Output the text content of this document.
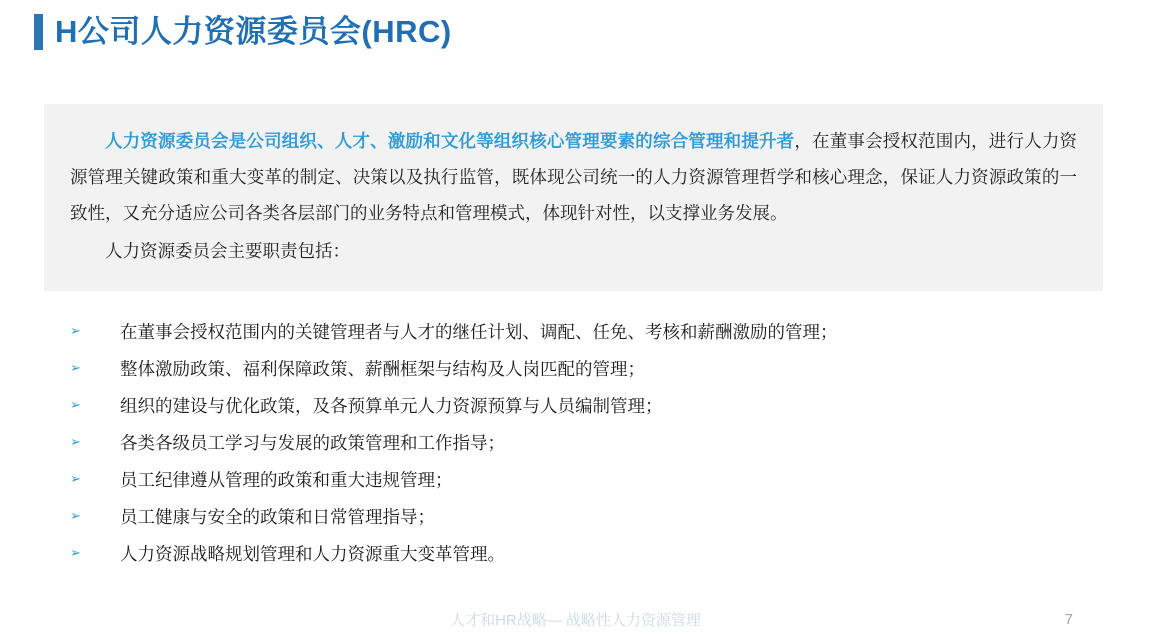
H公司人力资源委员会(HRC)

人力资源委员会是公司组织、人才、激励和文化等组织核心管理要素的综合管理和提升者，在董事会授权范围内，进行人力资源管理关键政策和重大变革的制定、决策以及执行监管，既体现公司统一的人力资源管理哲学和核心理念，保证人力资源政策的一致性，又充分适应公司各类各层部门的业务特点和管理模式，体现针对性，以支撑业务发展。

人力资源委员会主要职责包括：

➢	在董事会授权范围内的关键管理者与人才的继任计划、调配、任免、考核和薪酬激励的管理；
➢	整体激励政策、福利保障政策、薪酬框架与结构及人岗匹配的管理；
➢	组织的建设与优化政策，及各预算单元人力资源预算与人员编制管理；
➢	各类各级员工学习与发展的政策管理和工作指导；
➢	员工纪律遵从管理的政策和重大违规管理；
➢	员工健康与安全的政策和日常管理指导；
➢	人力资源战略规划管理和人力资源重大变革管理。
人才和HR战略— 战略性人力资源管理	7
